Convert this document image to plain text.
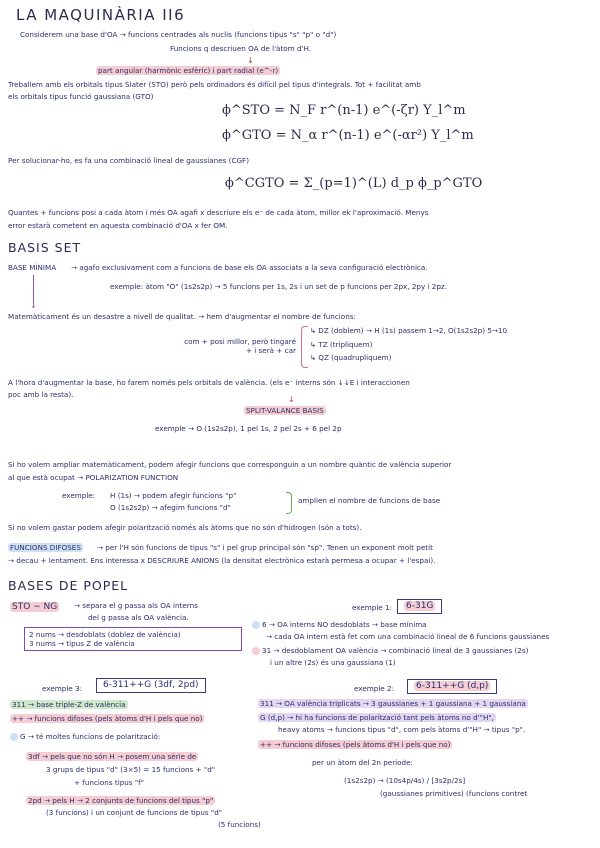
LA MAQUINÀRIA II6
Considerem una base d'OA → funcions centrades als nuclis (funcions tipus "s" "p" o "d")
Funcions q descriuen OA de l'àtom d'H.
↓
part angular (harmònic esfèric) i part radial (e^-r)
Treballem amb els orbitals tipus Slater (STO) però pels ordinadors és difícil pel tipus d'integrals. Tot + facilitat amb
els orbitals tipus funció gaussiana (GTO)
ϕ^STO = N_F r^(n-1) e^(-ζr) Y_l^m
ϕ^GTO = N_α r^(n-1) e^(-αr²) Y_l^m
Per solucionar-ho, es fa una combinació lineal de gaussianes (CGF)
ϕ^CGTO = Σ_(p=1)^(L) d_p ϕ_p^GTO
Quantes + funcions posi a cada àtom i més OA agafi x descriure els e⁻ de cada àtom, millor ek l'aproximació. Menys
error estarà cometent en aquesta combinació d'OA x fer OM.
BASIS SET
BASE MÍNIMA → agafo exclusivament com a funcions de base els OA associats a la seva configuració electrònica.
↓
exemple: àtom "O" (1s2s2p) → 5 funcions per 1s, 2s i un set de p funcions per 2px, 2py i 2pz.
Matemàticament és un desastre a nivell de qualitat. → hem d'augmentar el nombre de funcions:
com + posi millor, però tingaré + i serà + car
↳ DZ (doblem) → H (1s) passem 1→2, O(1s2s2p) 5→10
↳ TZ (tripliquem)
↳ QZ (quadrupliquem)
A l'hora d'augmentar la base, ho farem només pels orbitals de valència. (els e⁻ interns són ↓↓E i interaccionen
poc amb la resta).
↓
SPLIT-VALANCE BASIS
exemple → O (1s2s2p), 1 pel 1s, 2 pel 2s + 6 pel 2p
Si ho volem ampliar matemàticament, podem afegir funcions que corresponguin a un nombre quàntic de valència superior
al que està ocupat → POLARIZATION FUNCTION
exemple: H (1s) → podem afegir funcions "p"
O (1s2s2p) → afegim funcions "d"
amplien el nombre de funcions de base
Si no volem gastar podem afegir polarització només als àtoms que no són d'hidrogen (són a tots).
FUNCIONS DIFOSES → per l'H són funcions de tipus "s" i pel grup principal són "sp". Tenen un exponent molt petit
→ decau + lentament. Ens interessa x DESCRIURE ANIONS (la densitat electrònica estarà permesa a ocupar + l'espai).
BASES DE POPEL
STO − NG → separa el g passa als OA interns
del g passa als OA valència.
2 nums → desdoblats (doblez de valència)
3 nums → tipus Z de valència
exemple 1:	6-31G
6 → OA interns NO desdoblats → base mínima
→ cada OA intern està fet com una combinació lineal de 6 funcions gaussianes
31 → desdoblament OA valència → combinació lineal de 3 gaussianes (2s)
i un altre (2s) és una gaussiana (1)
exemple 3:	6-311++G (3df, 2pd)
311 → base triple-Z de valència
++ → funcions difoses (pels àtoms d'H i pels que no)
G → té moltes funcions de polarització:
3df → pels que no són H → posem una sèrie de
3 grups de tipus "d" (3×5) = 15 funcions + "d"
+ funcions tipus "f"
2pd → pels H → 2 conjunts de funcions del tipus "p"
(3 funcions) i un conjunt de funcions de tipus "d"
(5 funcions)
exemple 2:	6-311++G (d,p)
311 → OA valència triplicats → 3 gaussianes + 1 gaussiana + 1 gaussiana
G (d,p) → hi ha funcions de polarització tant pels àtoms no d'"H",
heavy atoms → funcions tipus "d", com pels àtoms d'"H" → tipus "p".
++ → funcions difoses (pels àtoms d'H i pels que no)
per un àtom del 2n període:
(1s2s2p) → (10s4p/4s) / [3s2p/2s]
(gaussianes primitives) (funcions contret
